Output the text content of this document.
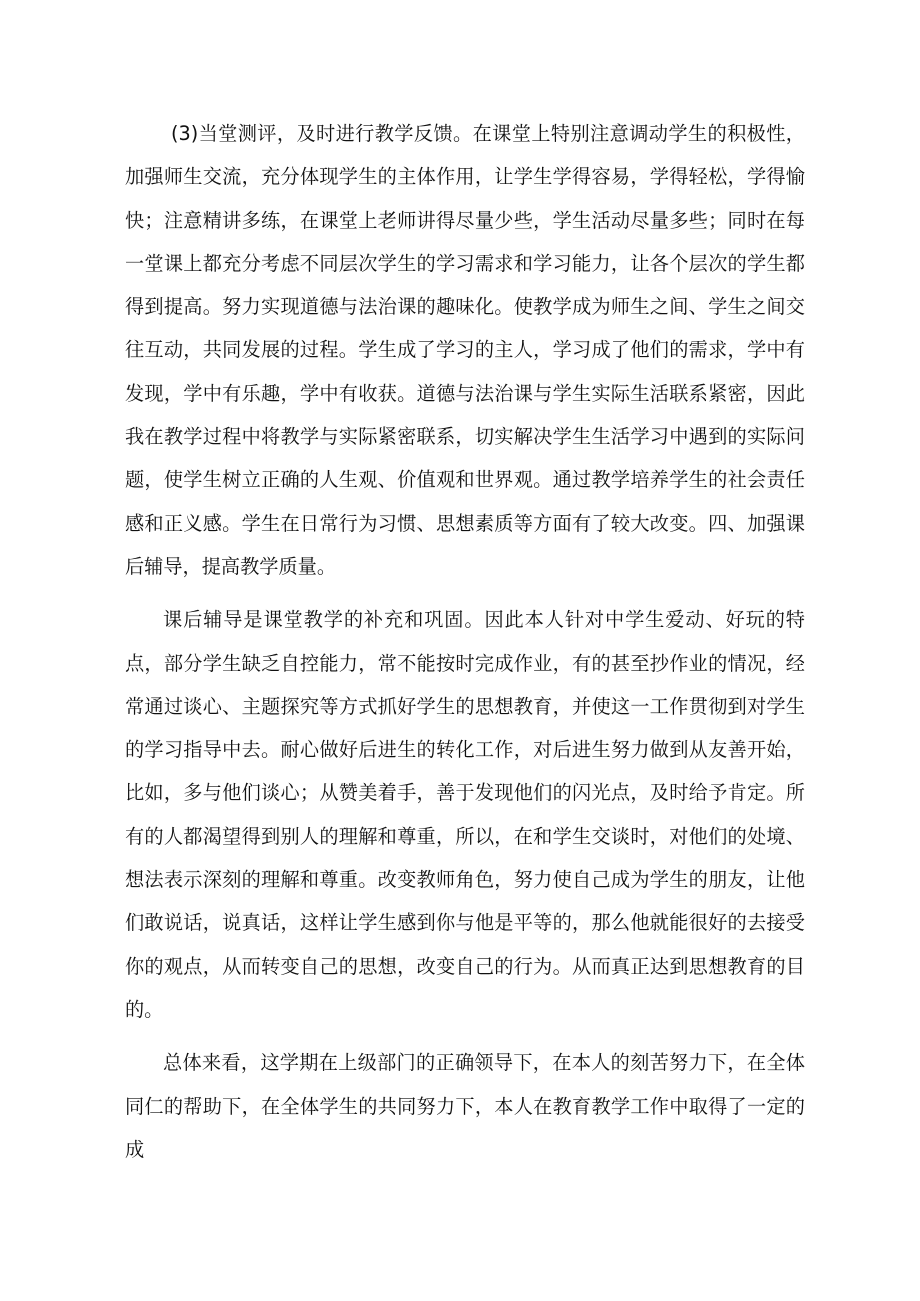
(3)当堂测评，及时进行教学反馈。在课堂上特别注意调动学生的积极性，加强师生交流，充分体现学生的主体作用，让学生学得容易，学得轻松，学得愉快；注意精讲多练，在课堂上老师讲得尽量少些，学生活动尽量多些；同时在每一堂课上都充分考虑不同层次学生的学习需求和学习能力，让各个层次的学生都得到提高。努力实现道德与法治课的趣味化。使教学成为师生之间、学生之间交往互动，共同发展的过程。学生成了学习的主人，学习成了他们的需求，学中有发现，学中有乐趣，学中有收获。道德与法治课与学生实际生活联系紧密，因此我在教学过程中将教学与实际紧密联系，切实解决学生生活学习中遇到的实际问题，使学生树立正确的人生观、价值观和世界观。通过教学培养学生的社会责任感和正义感。学生在日常行为习惯、思想素质等方面有了较大改变。四、加强课后辅导，提高教学质量。

课后辅导是课堂教学的补充和巩固。因此本人针对中学生爱动、好玩的特点，部分学生缺乏自控能力，常不能按时完成作业，有的甚至抄作业的情况，经常通过谈心、主题探究等方式抓好学生的思想教育，并使这一工作贯彻到对学生的学习指导中去。耐心做好后进生的转化工作，对后进生努力做到从友善开始，比如，多与他们谈心；从赞美着手，善于发现他们的闪光点，及时给予肯定。所有的人都渴望得到别人的理解和尊重，所以，在和学生交谈时，对他们的处境、想法表示深刻的理解和尊重。改变教师角色，努力使自己成为学生的朋友，让他们敢说话，说真话，这样让学生感到你与他是平等的，那么他就能很好的去接受你的观点，从而转变自己的思想，改变自己的行为。从而真正达到思想教育的目的。

总体来看，这学期在上级部门的正确领导下，在本人的刻苦努力下，在全体同仁的帮助下，在全体学生的共同努力下，本人在教育教学工作中取得了一定的成
